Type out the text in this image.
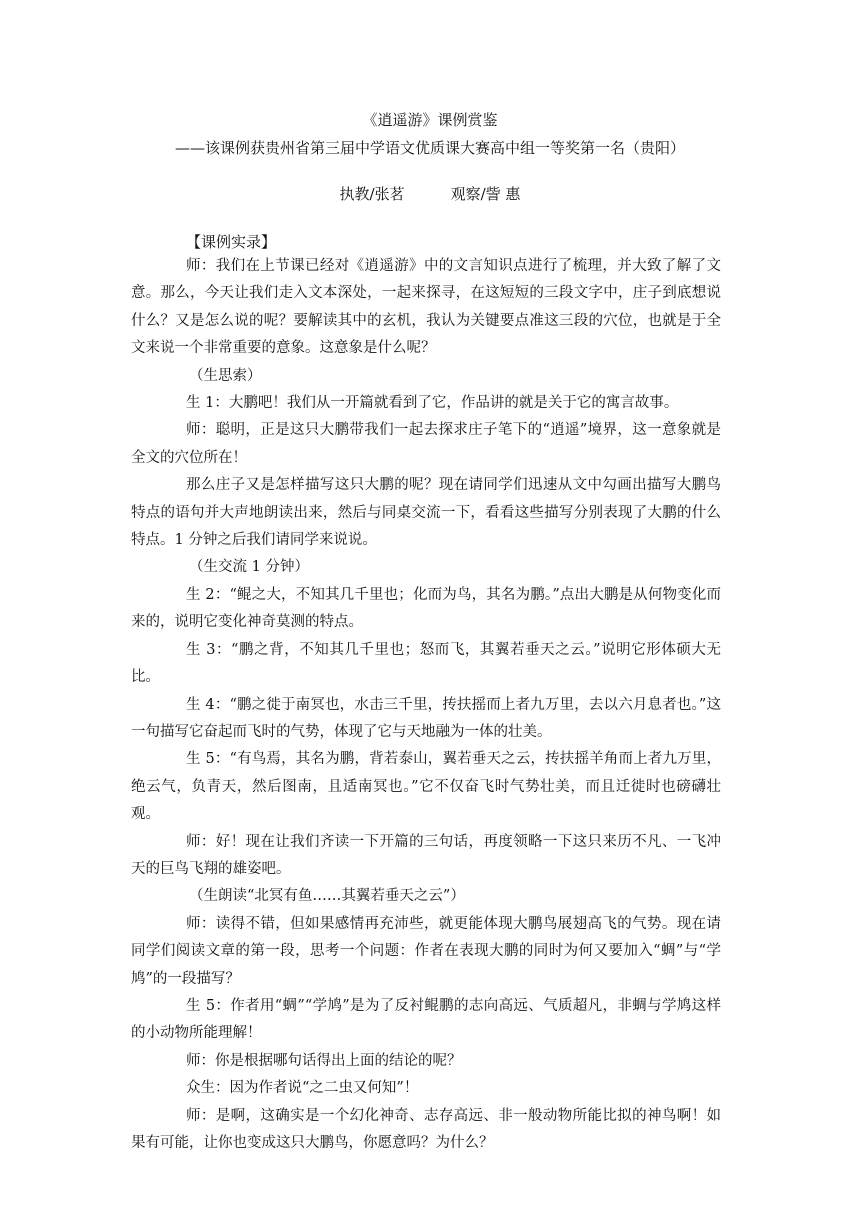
《逍遥游》课例赏鉴
——该课例获贵州省第三届中学语文优质课大赛高中组一等奖第一名（贵阳）
执教/张茗	观察/訾 惠
【课例实录】

师：我们在上节课已经对《逍遥游》中的文言知识点进行了梳理，并大致了解了文意。那么，今天让我们走入文本深处，一起来探寻，在这短短的三段文字中，庄子到底想说什么？又是怎么说的呢？要解读其中的玄机，我认为关键要点准这三段的穴位，也就是于全文来说一个非常重要的意象。这意象是什么呢？

（生思索）

生 1：大鹏吧！我们从一开篇就看到了它，作品讲的就是关于它的寓言故事。

师：聪明，正是这只大鹏带我们一起去探求庄子笔下的“逍遥”境界，这一意象就是全文的穴位所在！

那么庄子又是怎样描写这只大鹏的呢？现在请同学们迅速从文中勾画出描写大鹏鸟特点的语句并大声地朗读出来，然后与同桌交流一下，看看这些描写分别表现了大鹏的什么特点。1 分钟之后我们请同学来说说。

（生交流 1 分钟）

生 2：“鲲之大，不知其几千里也；化而为鸟，其名为鹏。”点出大鹏是从何物变化而来的，说明它变化神奇莫测的特点。

生 3：“鹏之背，不知其几千里也；怒而飞，其翼若垂天之云。”说明它形体硕大无比。

生 4：“鹏之徙于南冥也，水击三千里，抟扶摇而上者九万里，去以六月息者也。”这一句描写它奋起而飞时的气势，体现了它与天地融为一体的壮美。

生 5：“有鸟焉，其名为鹏，背若泰山，翼若垂天之云，抟扶摇羊角而上者九万里，绝云气，负青天，然后图南，且适南冥也。”它不仅奋飞时气势壮美，而且迁徙时也磅礴壮观。

师：好！现在让我们齐读一下开篇的三句话，再度领略一下这只来历不凡、一飞冲天的巨鸟飞翔的雄姿吧。

（生朗读“北冥有鱼……其翼若垂天之云”）

师：读得不错，但如果感情再充沛些，就更能体现大鹏鸟展翅高飞的气势。现在请同学们阅读文章的第一段，思考一个问题：作者在表现大鹏的同时为何又要加入“蜩”与“学鸠”的一段描写？

生 5：作者用“蜩”“学鸠”是为了反衬鲲鹏的志向高远、气质超凡，非蜩与学鸠这样的小动物所能理解！

师：你是根据哪句话得出上面的结论的呢？

众生：因为作者说“之二虫又何知”！

师：是啊，这确实是一个幻化神奇、志存高远、非一般动物所能比拟的神鸟啊！如果有可能，让你也变成这只大鹏鸟，你愿意吗？为什么？
